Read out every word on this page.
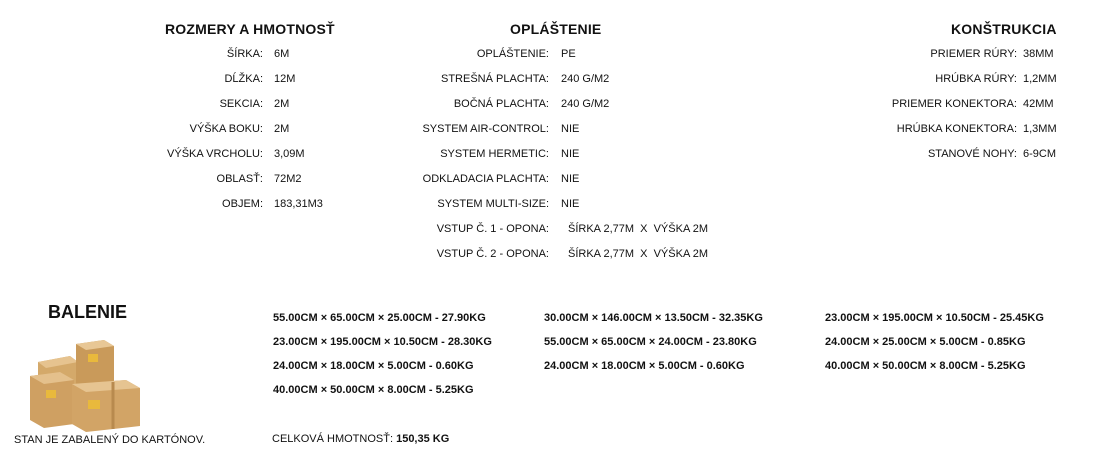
ROZMERY A HMOTNOSŤ	OPLÁŠTENIE	KONŠTRUKCIA
ŠÍRKA: 6M
DĹŽKA: 12M
SEKCIA: 2M
VÝŠKA BOKU: 2M
VÝŠKA VRCHOLU: 3,09M
OBLASŤ: 72M2
OBJEM: 183,31M3
OPLÁŠTENIE: PE
STREŠNÁ PLACHTA: 240 G/M2
BOČNÁ PLACHTA: 240 G/M2
SYSTEM AIR-CONTROL: NIE
SYSTEM HERMETIC: NIE
ODKLADACIA PLACHTA: NIE
SYSTEM MULTI-SIZE: NIE
VSTUP Č. 1 - OPONA: ŠÍRKA 2,77M  X  VÝŠKA 2M
VSTUP Č. 2 - OPONA: ŠÍRKA 2,77M  X  VÝŠKA 2M
PRIEMER RÚRY: 38MM
HRÚBKA RÚRY: 1,2MM
PRIEMER KONEKTORA: 42MM
HRÚBKA KONEKTORA: 1,3MM
STANOVÉ NOHY: 6-9CM
BALENIE
STAN JE ZABALENÝ DO KARTÓNOV.
55.00CM × 65.00CM × 25.00CM - 27.90KG
23.00CM × 195.00CM × 10.50CM - 28.30KG
24.00CM × 18.00CM × 5.00CM - 0.60KG
40.00CM × 50.00CM × 8.00CM - 5.25KG
30.00CM × 146.00CM × 13.50CM - 32.35KG
55.00CM × 65.00CM × 24.00CM - 23.80KG
24.00CM × 18.00CM × 5.00CM - 0.60KG
23.00CM × 195.00CM × 10.50CM - 25.45KG
24.00CM × 25.00CM × 5.00CM - 0.85KG
40.00CM × 50.00CM × 8.00CM - 5.25KG
CELKOVÁ HMOTNOSŤ: 150,35 KG
